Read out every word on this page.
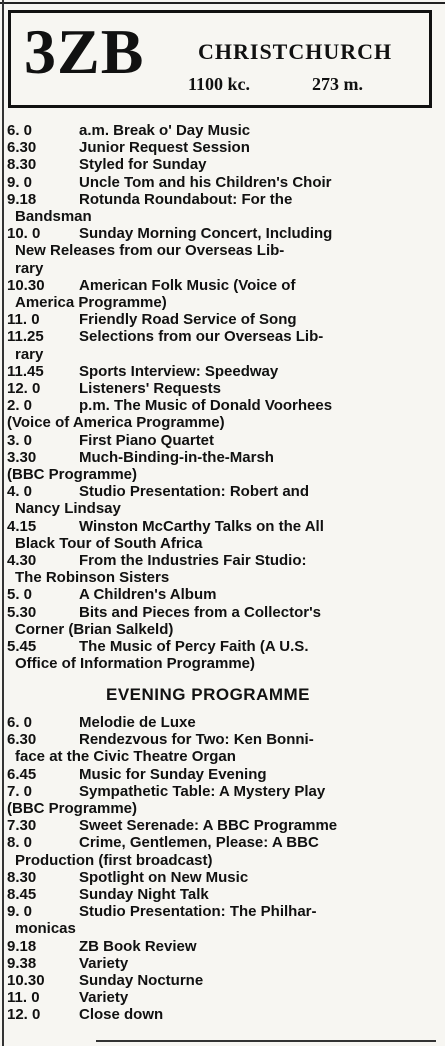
3ZB CHRISTCHURCH
1100 kc.	273 m.
6. 0	a.m. Break o' Day Music
6.30	Junior Request Session
8.30	Styled for Sunday
9. 0	Uncle Tom and his Children's Choir
9.18	Rotunda Roundabout: For the
Bandsman
10. 0	Sunday Morning Concert, Including
New Releases from our Overseas Lib-
rary
10.30	American Folk Music (Voice of
America Programme)
11. 0	Friendly Road Service of Song
11.25	Selections from our Overseas Lib-
rary
11.45	Sports Interview: Speedway
12. 0	Listeners' Requests
2. 0	p.m. The Music of Donald Voorhees
(Voice of America Programme)
3. 0	First Piano Quartet
3.30	Much-Binding-in-the-Marsh
(BBC Programme)
4. 0	Studio Presentation: Robert and
Nancy Lindsay
4.15	Winston McCarthy Talks on the All
Black Tour of South Africa
4.30	From the Industries Fair Studio:
The Robinson Sisters
5. 0	A Children's Album
5.30	Bits and Pieces from a Collector's
Corner (Brian Salkeld)
5.45	The Music of Percy Faith (A U.S.
Office of Information Programme)
EVENING PROGRAMME
6. 0	Melodie de Luxe
6.30	Rendezvous for Two: Ken Bonni-
face at the Civic Theatre Organ
6.45	Music for Sunday Evening
7. 0	Sympathetic Table: A Mystery Play
(BBC Programme)
7.30	Sweet Serenade: A BBC Programme
8. 0	Crime, Gentlemen, Please: A BBC
Production (first broadcast)
8.30	Spotlight on New Music
8.45	Sunday Night Talk
9. 0	Studio Presentation: The Philhar-
monicas
9.18	ZB Book Review
9.38	Variety
10.30	Sunday Nocturne
11. 0	Variety
12. 0	Close down
